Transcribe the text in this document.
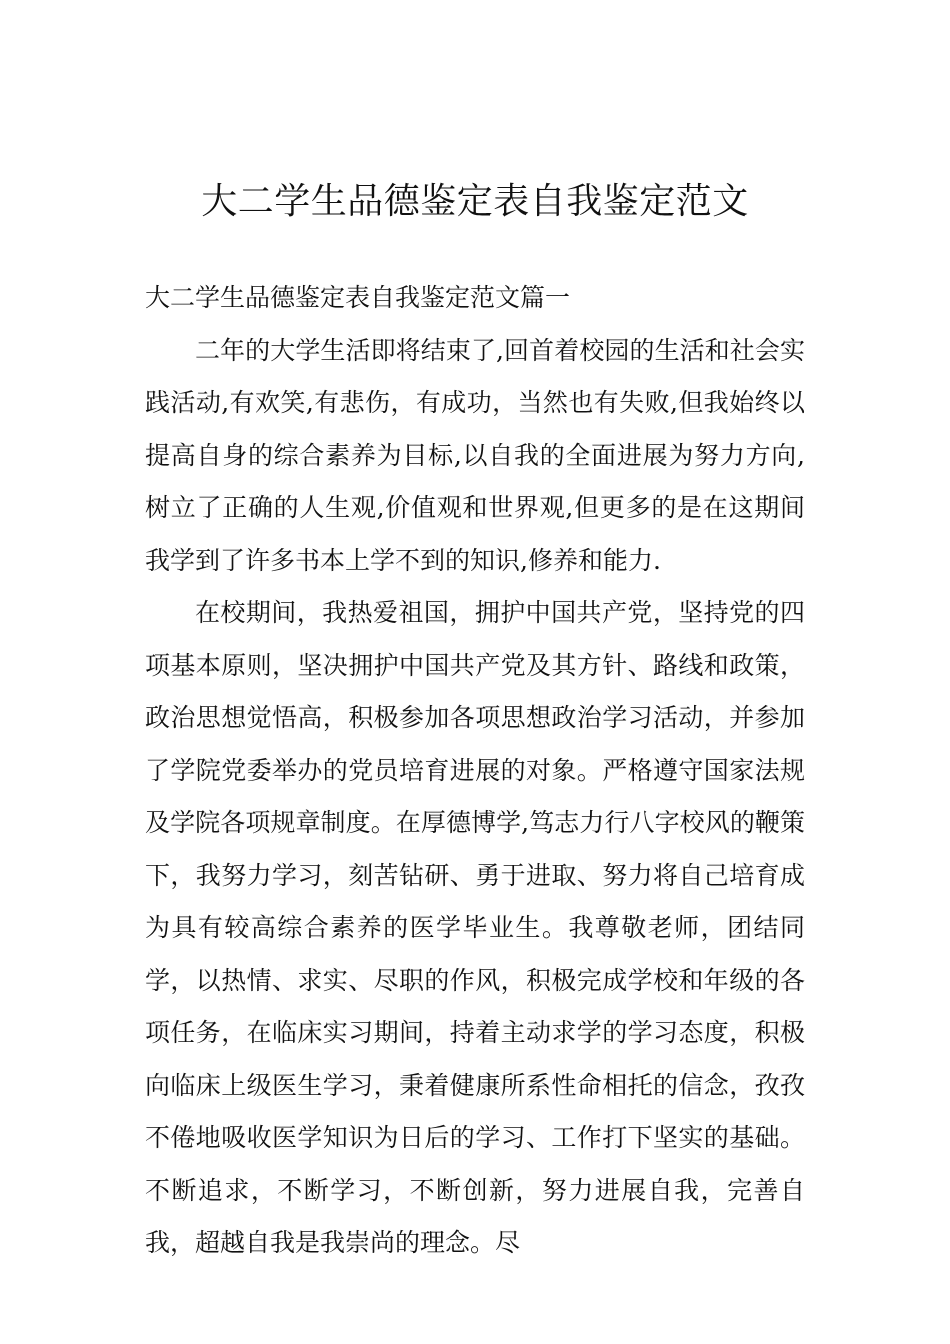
大二学生品德鉴定表自我鉴定范文

大二学生品德鉴定表自我鉴定范文篇一

二年的大学生活即将结束了,回首着校园的生活和社会实践活动,有欢笑,有悲伤，有成功，当然也有失败,但我始终以提高自身的综合素养为目标,以自我的全面进展为努力方向,树立了正确的人生观,价值观和世界观,但更多的是在这期间我学到了许多书本上学不到的知识,修养和能力.

在校期间，我热爱祖国，拥护中国共产党，坚持党的四项基本原则，坚决拥护中国共产党及其方针、路线和政策，政治思想觉悟高，积极参加各项思想政治学习活动，并参加了学院党委举办的党员培育进展的对象。严格遵守国家法规及学院各项规章制度。在厚德博学,笃志力行八字校风的鞭策下，我努力学习，刻苦钻研、勇于进取、努力将自己培育成为具有较高综合素养的医学毕业生。我尊敬老师，团结同学，以热情、求实、尽职的作风，积极完成学校和年级的各项任务，在临床实习期间，持着主动求学的学习态度，积极向临床上级医生学习，秉着健康所系性命相托的信念，孜孜不倦地吸收医学知识为日后的学习、工作打下坚实的基础。不断追求，不断学习，不断创新，努力进展自我，完善自我，超越自我是我崇尚的理念。尽
